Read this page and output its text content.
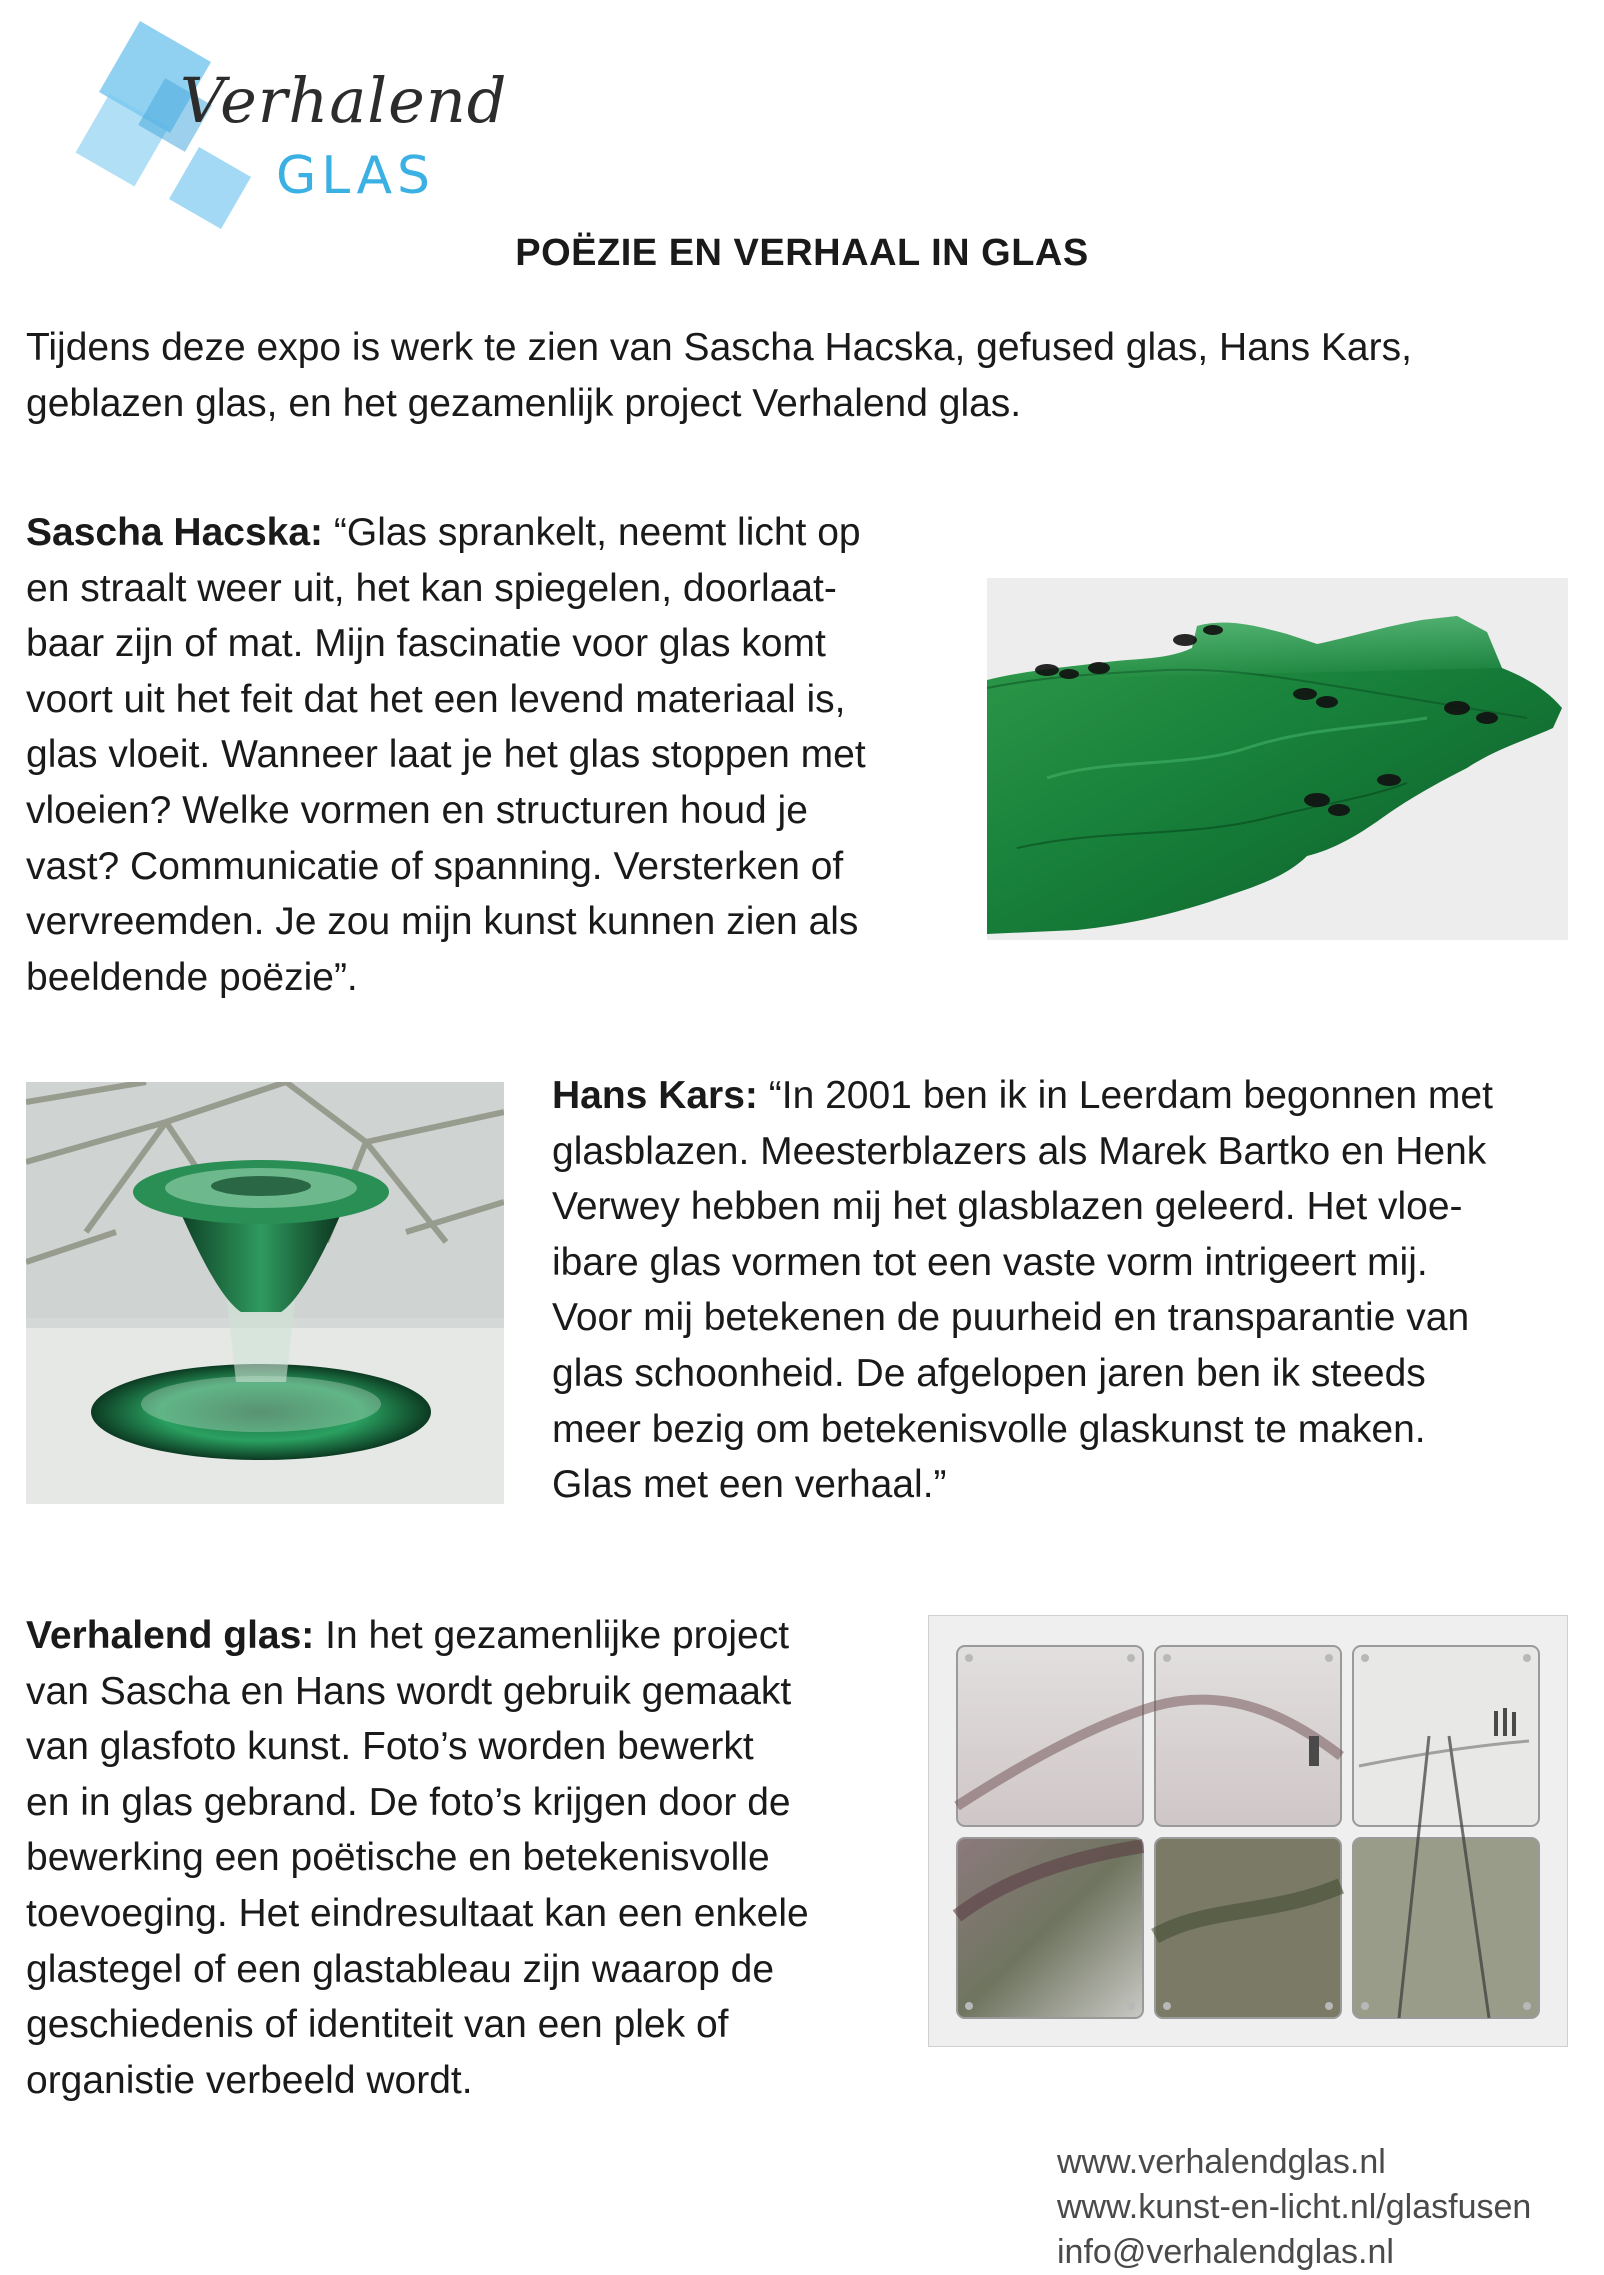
Verhalend
GLAS
POËZIE EN VERHAAL IN GLAS
Tijdens deze expo is werk te zien van Sascha Hacska, gefused glas, Hans Kars,
geblazen glas, en het gezamenlijk project Verhalend glas.
Sascha Hacska: “Glas sprankelt, neemt licht op
en straalt weer uit, het kan spiegelen, doorlaat-
baar zijn of mat. Mijn fascinatie voor glas komt
voort uit het feit dat het een levend materiaal is,
glas vloeit. Wanneer laat je het glas stoppen met
vloeien? Welke vormen en structuren houd je
vast? Communicatie of spanning. Versterken of
vervreemden. Je zou mijn kunst kunnen zien als
beeldende poëzie”.
Hans Kars: “In 2001 ben ik in Leerdam begonnen met
glasblazen. Meesterblazers als Marek Bartko en Henk
Verwey hebben mij het glasblazen geleerd. Het vloe-
ibare glas vormen tot een vaste vorm intrigeert mij.
Voor mij betekenen de puurheid en transparantie van
glas schoonheid. De afgelopen jaren ben ik steeds
meer bezig om betekenisvolle glaskunst te maken.
Glas met een verhaal.”
Verhalend glas: In het gezamenlijke project
van Sascha en Hans wordt gebruik gemaakt
van glasfoto kunst. Foto’s worden bewerkt
en in glas gebrand. De foto’s krijgen door de
bewerking een poëtische en betekenisvolle
toevoeging. Het eindresultaat kan een enkele
glastegel of een glastableau zijn waarop de
geschiedenis of identiteit van een plek of
organistie verbeeld wordt.
www.verhalendglas.nl
www.kunst-en-licht.nl/glasfusen
info@verhalendglas.nl
